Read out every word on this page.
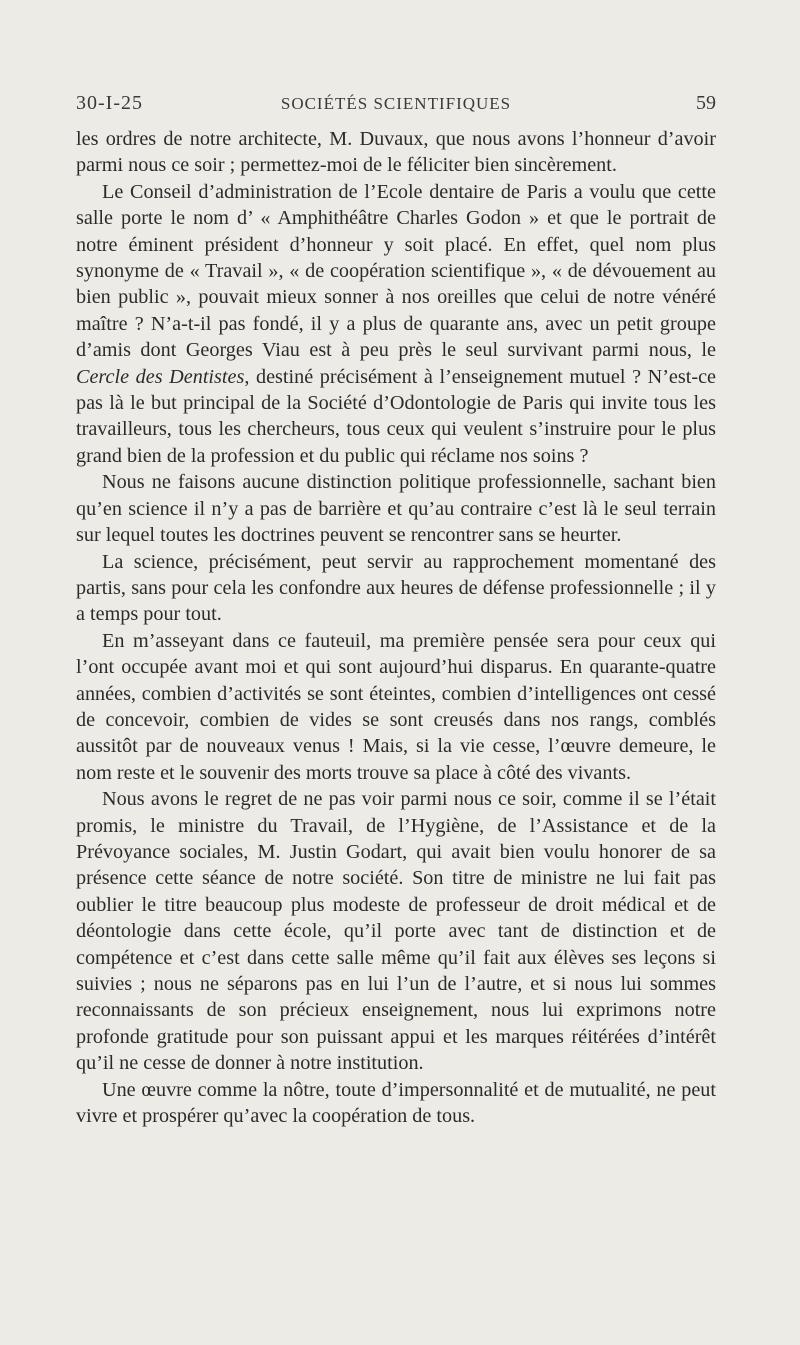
30-I-25	SOCIÉTÉS SCIENTIFIQUES	59

les ordres de notre architecte, M. Duvaux, que nous avons l’honneur d’avoir parmi nous ce soir ; permettez-moi de le féliciter bien sincèrement.

Le Conseil d’administration de l’Ecole dentaire de Paris a voulu que cette salle porte le nom d’ « Amphithéâtre Charles Godon » et que le portrait de notre éminent président d’honneur y soit placé. En effet, quel nom plus synonyme de « Travail », « de coopération scientifique », « de dévouement au bien public », pouvait mieux sonner à nos oreilles que celui de notre vénéré maître ? N’a-t-il pas fondé, il y a plus de quarante ans, avec un petit groupe d’amis dont Georges Viau est à peu près le seul survivant parmi nous, le Cercle des Dentistes, destiné précisément à l’enseignement mutuel ? N’est-ce pas là le but principal de la Société d’Odontologie de Paris qui invite tous les travailleurs, tous les chercheurs, tous ceux qui veulent s’instruire pour le plus grand bien de la profession et du public qui réclame nos soins ?

Nous ne faisons aucune distinction politique professionnelle, sachant bien qu’en science il n’y a pas de barrière et qu’au contraire c’est là le seul terrain sur lequel toutes les doctrines peuvent se rencontrer sans se heurter.

La science, précisément, peut servir au rapprochement momentané des partis, sans pour cela les confondre aux heures de défense professionnelle ; il y a temps pour tout.

En m’asseyant dans ce fauteuil, ma première pensée sera pour ceux qui l’ont occupée avant moi et qui sont aujourd’hui disparus. En quarante-quatre années, combien d’activités se sont éteintes, combien d’intelligences ont cessé de concevoir, combien de vides se sont creusés dans nos rangs, comblés aussitôt par de nouveaux venus ! Mais, si la vie cesse, l’œuvre demeure, le nom reste et le souvenir des morts trouve sa place à côté des vivants.

Nous avons le regret de ne pas voir parmi nous ce soir, comme il se l’était promis, le ministre du Travail, de l’Hygiène, de l’Assistance et de la Prévoyance sociales, M. Justin Godart, qui avait bien voulu honorer de sa présence cette séance de notre société. Son titre de ministre ne lui fait pas oublier le titre beaucoup plus modeste de professeur de droit médical et de déontologie dans cette école, qu’il porte avec tant de distinction et de compétence et c’est dans cette salle même qu’il fait aux élèves ses leçons si suivies ; nous ne séparons pas en lui l’un de l’autre, et si nous lui sommes reconnaissants de son précieux enseignement, nous lui exprimons notre profonde gratitude pour son puissant appui et les marques réitérées d’intérêt qu’il ne cesse de donner à notre institution.

Une œuvre comme la nôtre, toute d’impersonnalité et de mutualité, ne peut vivre et prospérer qu’avec la coopération de tous.
